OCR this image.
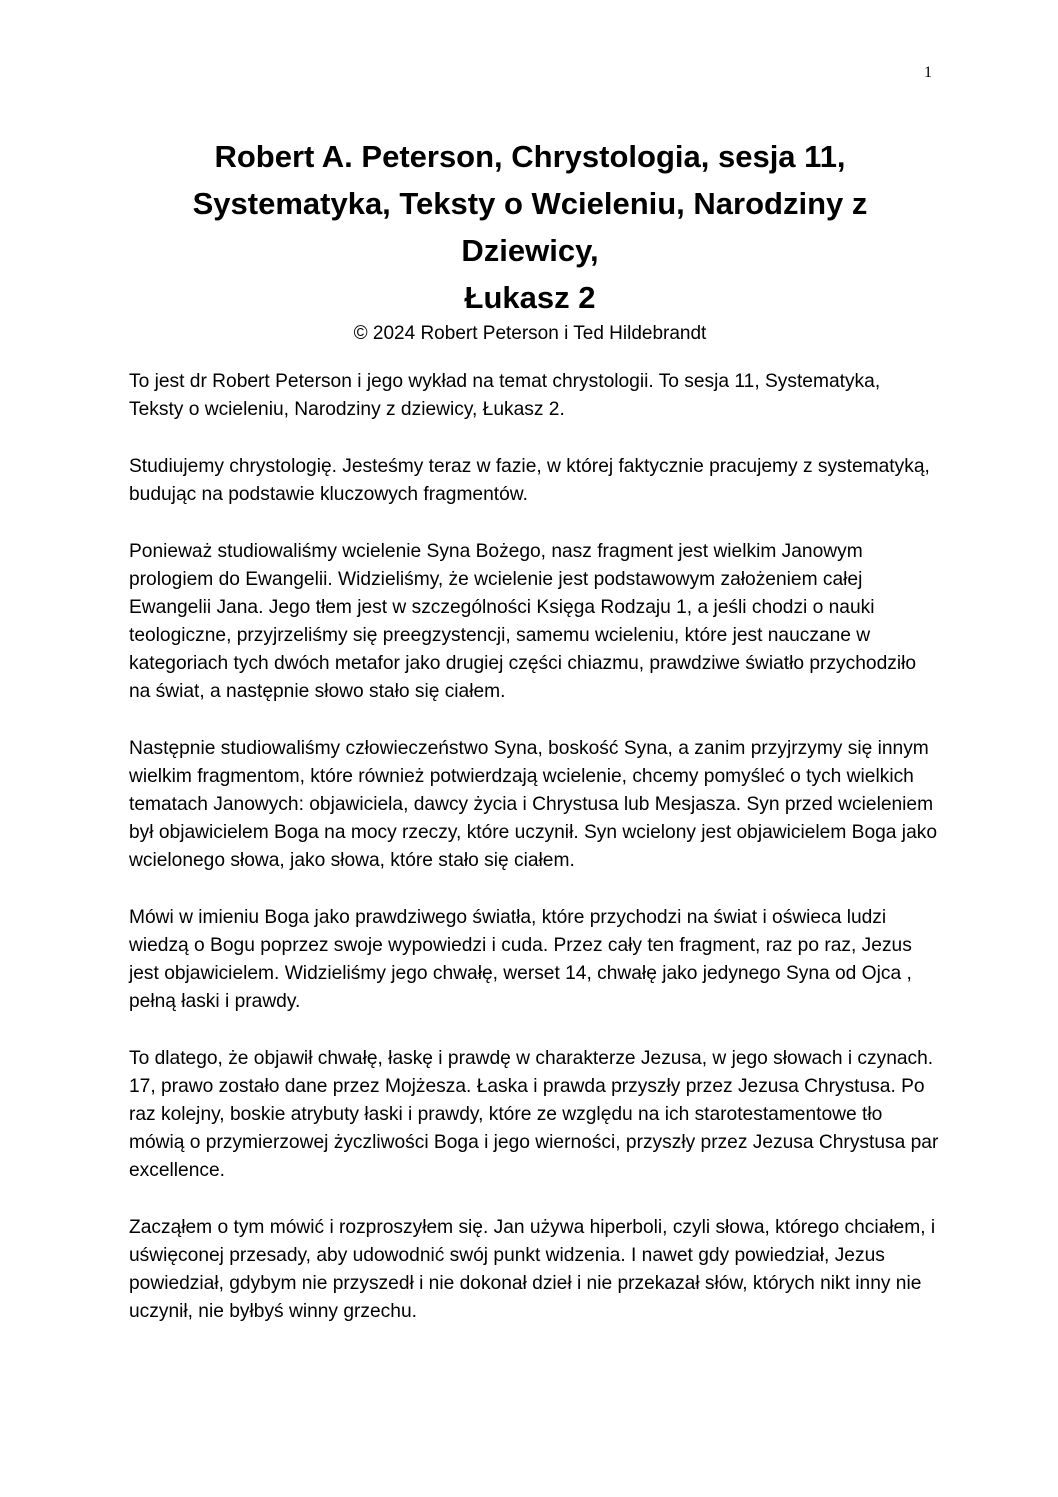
1
Robert A. Peterson, Chrystologia, sesja 11,
Systematyka, Teksty o Wcieleniu, Narodziny z
Dziewicy,
Łukasz 2

© 2024 Robert Peterson i Ted Hildebrandt

To jest dr Robert Peterson i jego wykład na temat chrystologii. To sesja 11, Systematyka, Teksty o wcieleniu, Narodziny z dziewicy, Łukasz 2.

Studiujemy chrystologię. Jesteśmy teraz w fazie, w której faktycznie pracujemy z systematyką, budując na podstawie kluczowych fragmentów.

Ponieważ studiowaliśmy wcielenie Syna Bożego, nasz fragment jest wielkim Janowym prologiem do Ewangelii. Widzieliśmy, że wcielenie jest podstawowym założeniem całej Ewangelii Jana. Jego tłem jest w szczególności Księga Rodzaju 1, a jeśli chodzi o nauki teologiczne, przyjrzeliśmy się preegzystencji, samemu wcieleniu, które jest nauczane w kategoriach tych dwóch metafor jako drugiej części chiazmu, prawdziwe światło przychodziło na świat, a następnie słowo stało się ciałem.

Następnie studiowaliśmy człowieczeństwo Syna, boskość Syna, a zanim przyjrzymy się innym wielkim fragmentom, które również potwierdzają wcielenie, chcemy pomyśleć o tych wielkich tematach Janowych: objawiciela, dawcy życia i Chrystusa lub Mesjasza. Syn przed wcieleniem był objawicielem Boga na mocy rzeczy, które uczynił. Syn wcielony jest objawicielem Boga jako wcielonego słowa, jako słowa, które stało się ciałem.

Mówi w imieniu Boga jako prawdziwego światła, które przychodzi na świat i oświeca ludzi wiedzą o Bogu poprzez swoje wypowiedzi i cuda. Przez cały ten fragment, raz po raz, Jezus jest objawicielem. Widzieliśmy jego chwałę, werset 14, chwałę jako jedynego Syna od Ojca , pełną łaski i prawdy.

To dlatego, że objawił chwałę, łaskę i prawdę w charakterze Jezusa, w jego słowach i czynach. 17, prawo zostało dane przez Mojżesza. Łaska i prawda przyszły przez Jezusa Chrystusa. Po raz kolejny, boskie atrybuty łaski i prawdy, które ze względu na ich starotestamentowe tło mówią o przymierzowej życzliwości Boga i jego wierności, przyszły przez Jezusa Chrystusa par excellence.

Zacząłem o tym mówić i rozproszyłem się. Jan używa hiperboli, czyli słowa, którego chciałem, i uświęconej przesady, aby udowodnić swój punkt widzenia. I nawet gdy powiedział, Jezus powiedział, gdybym nie przyszedł i nie dokonał dzieł i nie przekazał słów, których nikt inny nie uczynił, nie byłbyś winny grzechu.
